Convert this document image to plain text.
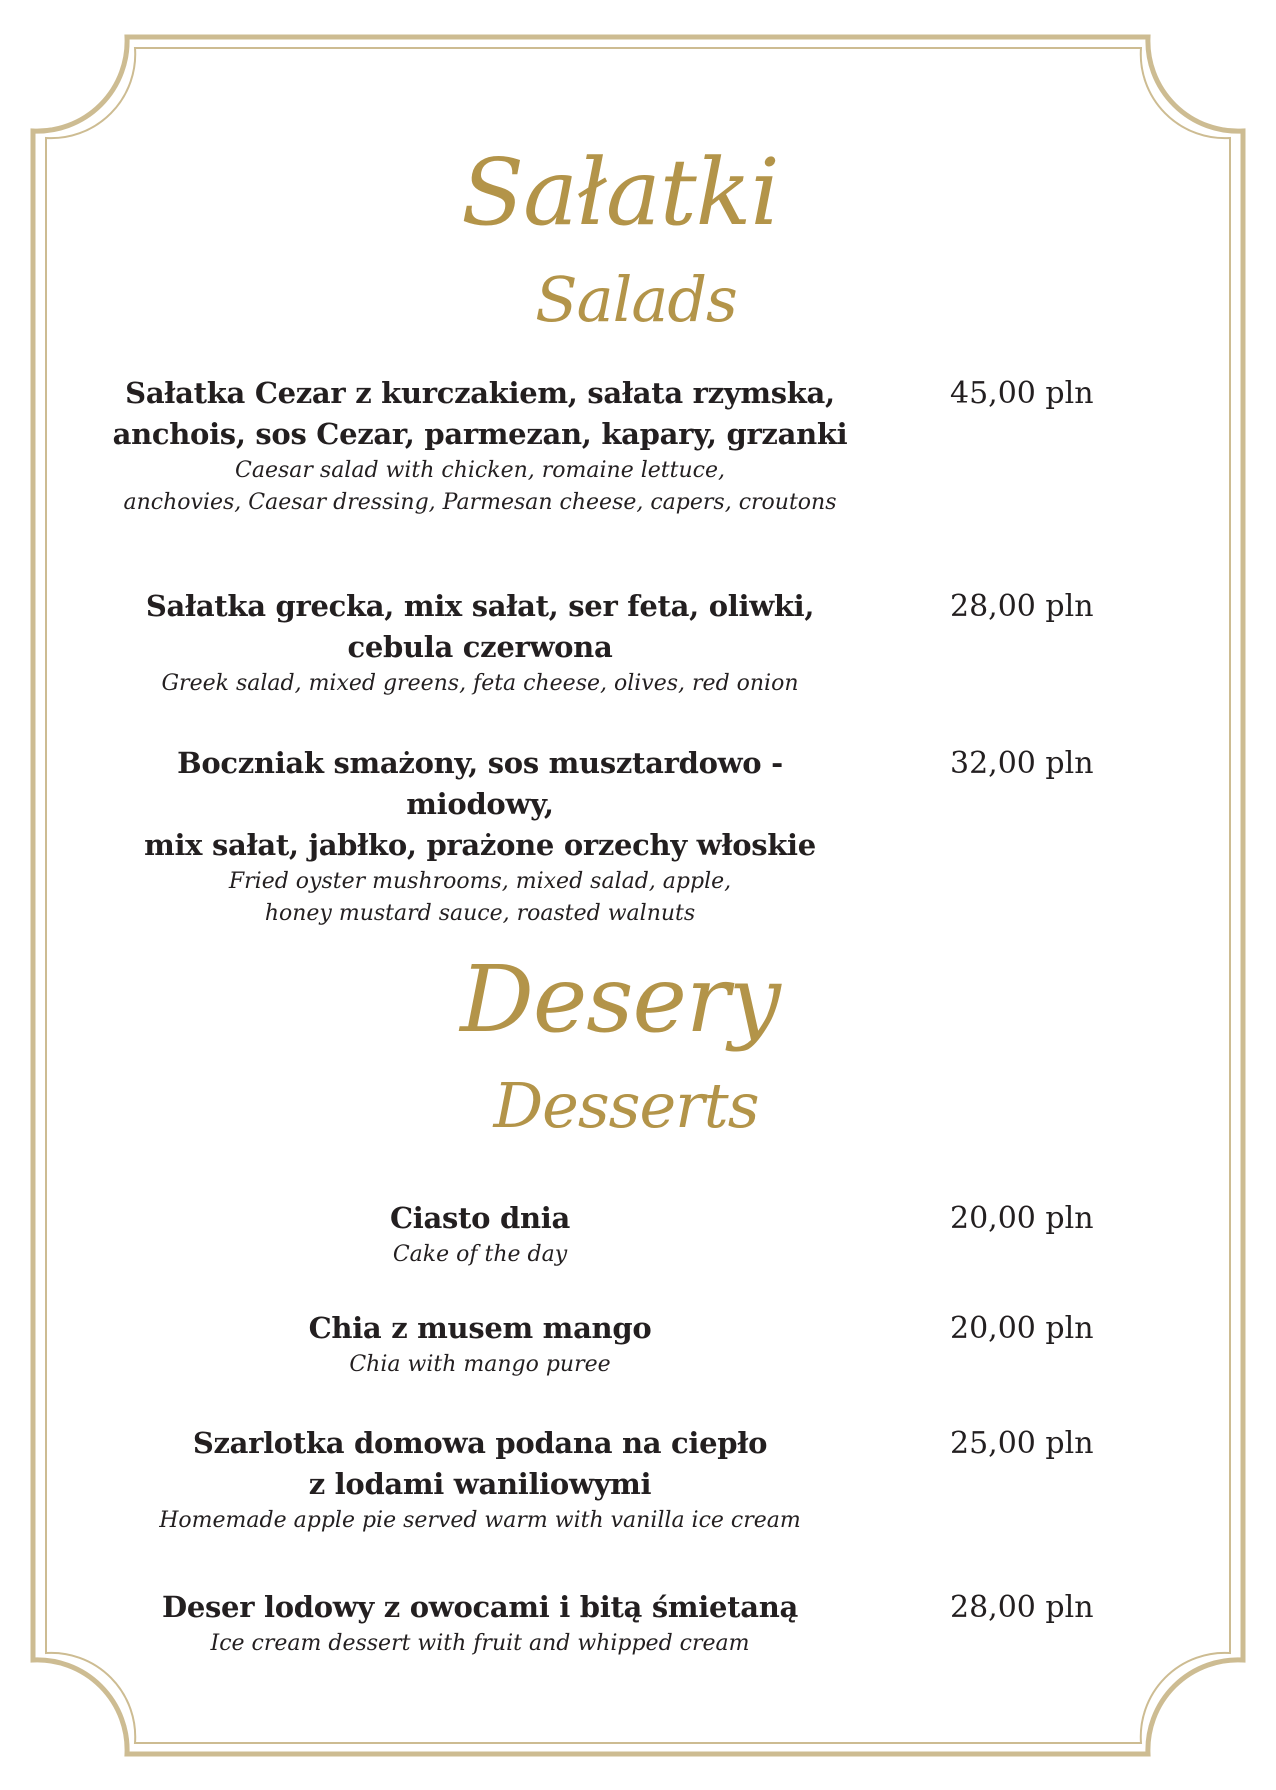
Sałatki
Salads
Sałatka Cezar z kurczakiem, sałata rzymska,
anchois, sos Cezar, parmezan, kapary, grzanki
Caesar salad with chicken, romaine lettuce,
anchovies, Caesar dressing, Parmesan cheese, capers, croutons
45,00 pln
Sałatka grecka, mix sałat, ser feta, oliwki,
cebula czerwona
Greek salad, mixed greens, feta cheese, olives, red onion
28,00 pln
Boczniak smażony, sos musztardowo - miodowy,
mix sałat, jabłko, prażone orzechy włoskie
Fried oyster mushrooms, mixed salad, apple,
honey mustard sauce, roasted walnuts
32,00 pln
Desery
Desserts
Ciasto dnia
Cake of the day
20,00 pln
Chia z musem mango
Chia with mango puree
20,00 pln
Szarlotka domowa podana na ciepło
z lodami waniliowymi
Homemade apple pie served warm with vanilla ice cream
25,00 pln
Deser lodowy z owocami i bitą śmietaną
Ice cream dessert with fruit and whipped cream
28,00 pln
